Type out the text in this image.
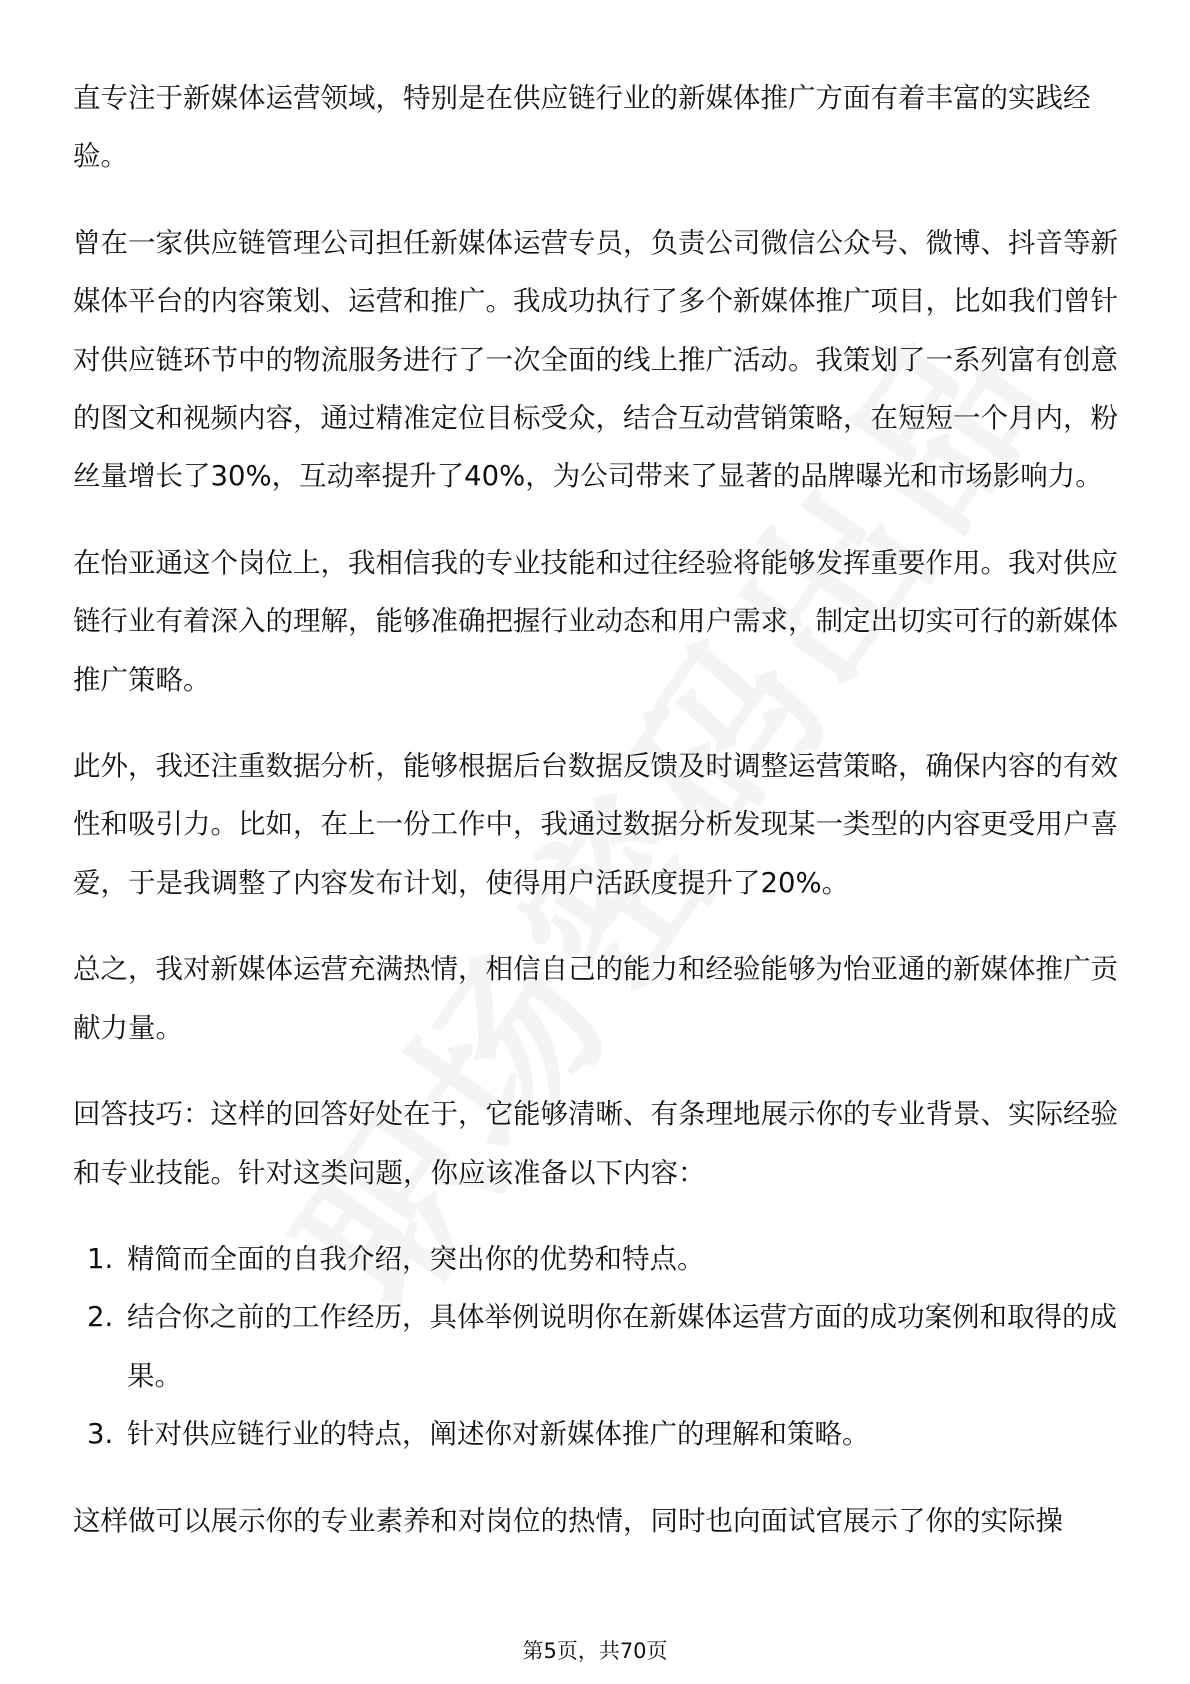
直专注于新媒体运营领域，特别是在供应链行业的新媒体推广方面有着丰富的实践经验。

曾在一家供应链管理公司担任新媒体运营专员，负责公司微信公众号、微博、抖音等新媒体平台的内容策划、运营和推广。我成功执行了多个新媒体推广项目，比如我们曾针对供应链环节中的物流服务进行了一次全面的线上推广活动。我策划了一系列富有创意的图文和视频内容，通过精准定位目标受众，结合互动营销策略，在短短一个月内，粉丝量增长了30%，互动率提升了40%，为公司带来了显著的品牌曝光和市场影响力。

在怡亚通这个岗位上，我相信我的专业技能和过往经验将能够发挥重要作用。我对供应链行业有着深入的理解，能够准确把握行业动态和用户需求，制定出切实可行的新媒体推广策略。

此外，我还注重数据分析，能够根据后台数据反馈及时调整运营策略，确保内容的有效性和吸引力。比如，在上一份工作中，我通过数据分析发现某一类型的内容更受用户喜爱，于是我调整了内容发布计划，使得用户活跃度提升了20%。

总之，我对新媒体运营充满热情，相信自己的能力和经验能够为怡亚通的新媒体推广贡献力量。

回答技巧：这样的回答好处在于，它能够清晰、有条理地展示你的专业背景、实际经验和专业技能。针对这类问题，你应该准备以下内容：

1. 精简而全面的自我介绍，突出你的优势和特点。
2. 结合你之前的工作经历，具体举例说明你在新媒体运营方面的成功案例和取得的成果。
3. 针对供应链行业的特点，阐述你对新媒体推广的理解和策略。

这样做可以展示你的专业素养和对岗位的热情，同时也向面试官展示了你的实际操

第5页，共70页
